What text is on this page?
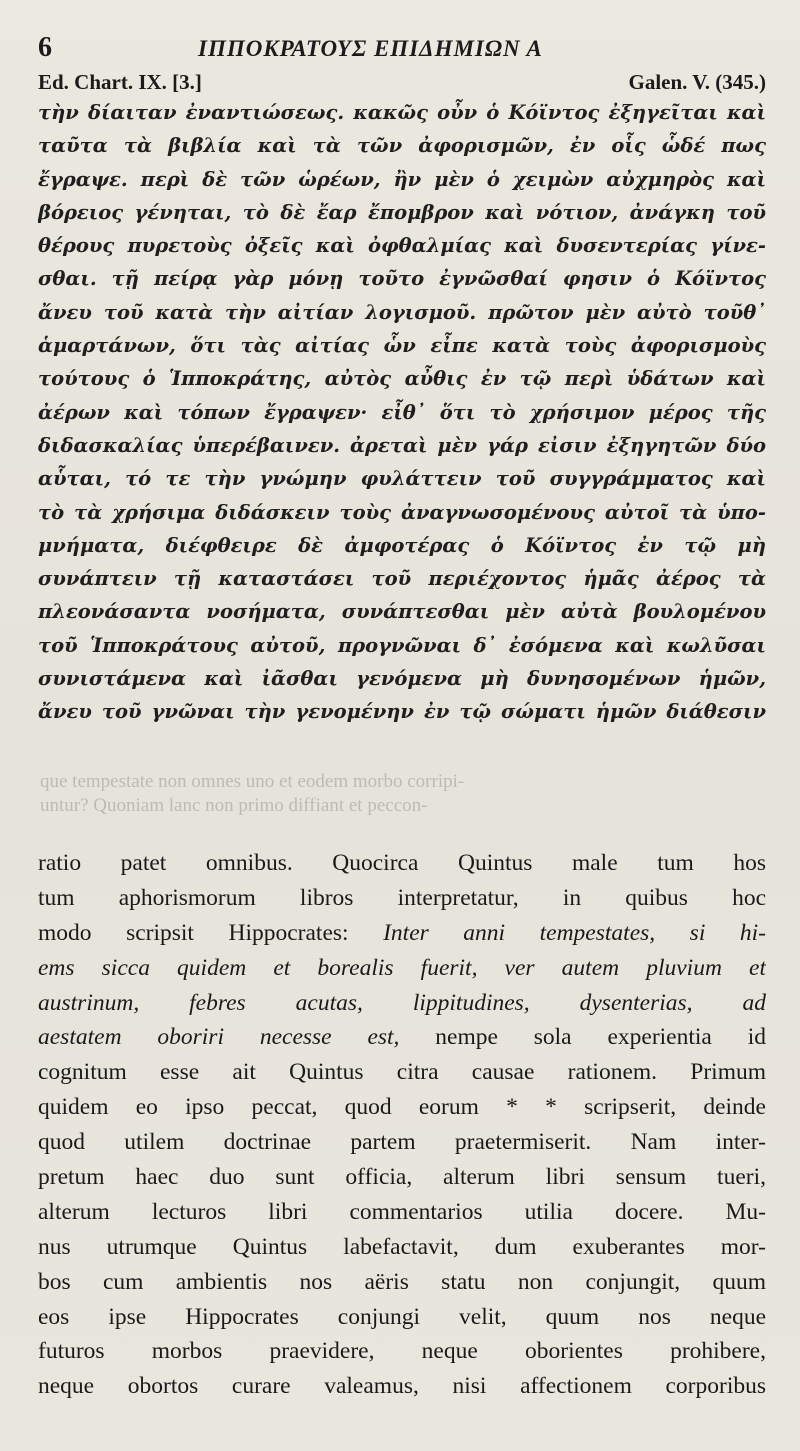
6	ΙΠΠΟΚΡΑΤΟΥΣ ΕΠΙΔΗΜΙΩΝ Α
Ed. Chart. IX. [3.]	Galen. V. (345.)
τὴν δίαιταν ἐναντιώσεως. κακῶς οὖν ὁ Κόϊντος ἐξηγεῖται καὶ
ταῦτα τὰ βιβλία καὶ τὰ τῶν ἀφορισμῶν, ἐν οἷς ὧδέ πως
ἔγραψε. περὶ δὲ τῶν ὡρέων, ἢν μὲν ὁ χειμὼν αὐχμηρὸς καὶ
βόρειος γένηται, τὸ δὲ ἔαρ ἔπομβρον καὶ νότιον, ἀνάγκη τοῦ
θέρους πυρετοὺς ὀξεῖς καὶ ὀφθαλμίας καὶ δυσεντερίας γίνε-
σθαι. τῇ πείρᾳ γὰρ μόνῃ τοῦτο ἐγνῶσθαί φησιν ὁ Κόϊντος
ἄνευ τοῦ κατὰ τὴν αἰτίαν λογισμοῦ. πρῶτον μὲν αὐτὸ τοῦθ᾽
ἁμαρτάνων, ὅτι τὰς αἰτίας ὧν εἶπε κατὰ τοὺς ἀφορισμοὺς
τούτους ὁ Ἱπποκράτης, αὐτὸς αὖθις ἐν τῷ περὶ ὑδάτων καὶ
ἀέρων καὶ τόπων ἔγραψεν· εἶθ᾽ ὅτι τὸ χρήσιμον μέρος τῆς
διδασκαλίας ὑπερέβαινεν. ἀρεταὶ μὲν γάρ εἰσιν ἐξηγητῶν δύο
αὗται, τό τε τὴν γνώμην φυλάττειν τοῦ συγγράμματος καὶ
τὸ τὰ χρήσιμα διδάσκειν τοὺς ἀναγνωσομένους αὐτοῖ τὰ ὑπο-
μνήματα, διέφθειρε δὲ ἀμφοτέρας ὁ Κόϊντος ἐν τῷ μὴ
συνάπτειν τῇ καταστάσει τοῦ περιέχοντος ἡμᾶς ἀέρος τὰ
πλεονάσαντα νοσήματα, συνάπτεσθαι μὲν αὐτὰ βουλομένου
τοῦ Ἱπποκράτους αὐτοῦ, προγνῶναι δ᾽ ἐσόμενα καὶ κωλῦσαι
συνιστάμενα καὶ ἰᾶσθαι γενόμενα μὴ δυνησομένων ἡμῶν,
ἄνευ τοῦ γνῶναι τὴν γενομένην ἐν τῷ σώματι ἡμῶν διάθεσιν
que tempestate non omnes uno et eodem morbo corripi-
untur? Quoniam lanc non primo diffiant et peccon-
ratio patet omnibus. Quocirca Quintus male tum hos
tum aphorismorum libros interpretatur, in quibus hoc
modo scripsit Hippocrates: Inter anni tempestates, si hi-
ems sicca quidem et borealis fuerit, ver autem pluvium et
austrinum, febres acutas, lippitudines, dysenterias, ad
aestatem oboriri necesse est, nempe sola experientia id
cognitum esse ait Quintus citra causae rationem. Primum
quidem eo ipso peccat, quod eorum * * scripserit, deinde
quod utilem doctrinae partem praetermiserit. Nam inter-
pretum haec duo sunt officia, alterum libri sensum tueri,
alterum lecturos libri commentarios utilia docere. Mu-
nus utrumque Quintus labefactavit, dum exuberantes mor-
bos cum ambientis nos aëris statu non conjungit, quum
eos ipse Hippocrates conjungi velit, quum nos neque
futuros morbos praevidere, neque oborientes prohibere,
neque obortos curare valeamus, nisi affectionem corporibus
